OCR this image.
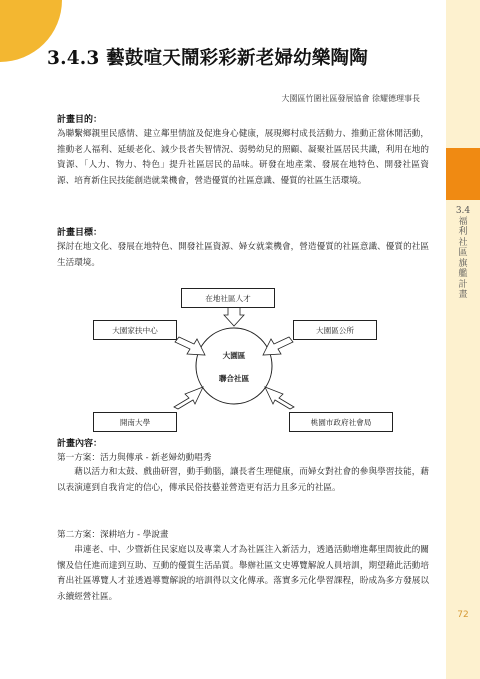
3.4 福利社區旗艦計畫
72
3.4.3 藝鼓喧天鬧彩彩新老婦幼樂陶陶
大園區竹圍社區發展協會 徐耀德理事長
計畫目的：

為聯繫鄉親里民感情、建立鄰里情誼及促進身心健康，展現鄉村成長活動力、推動正當休閒活動，推動老人福利、延緩老化、減少長者失智情況、弱勢幼兒的照顧、凝聚社區居民共識，利用在地的資源、「人力、物力、特色」提升社區居民的品味。研發在地產業、發展在地特色、開發社區資源、培育新住民技能創造就業機會，營造優質的社區意識、優質的社區生活環境。

計畫目標：

探討在地文化、發展在地特色、開發社區資源、婦女就業機會，營造優質的社區意識、優質的社區生活環境。

在地社區人才
大園家扶中心	大園區公所
開南大學	桃園市政府社會局
大園區
聯合社區
計畫內容：
第一方案：活力與傳承 - 新老婦幼動唱秀

藉以活力和太鼓、戲曲研習，動手動腦，讓長者生理健康，而婦女對社會的參與學習技能，藉以表演連到自我肯定的信心，傳承民俗技藝並營造更有活力且多元的社區。

第二方案：深耕培力 - 學說畫

串連老、中、少暨新住民家庭以及專業人才為社區注入新活力，透過活動增進鄰里間彼此的關懷及信任進而達到互助、互動的優質生活品質。舉辦社區文史導覽解說人員培訓，期望藉此活動培育出社區導覽人才並透過導覽解說的培訓得以文化傳承。落實多元化學習課程，盼成為多方發展以永續經營社區。
